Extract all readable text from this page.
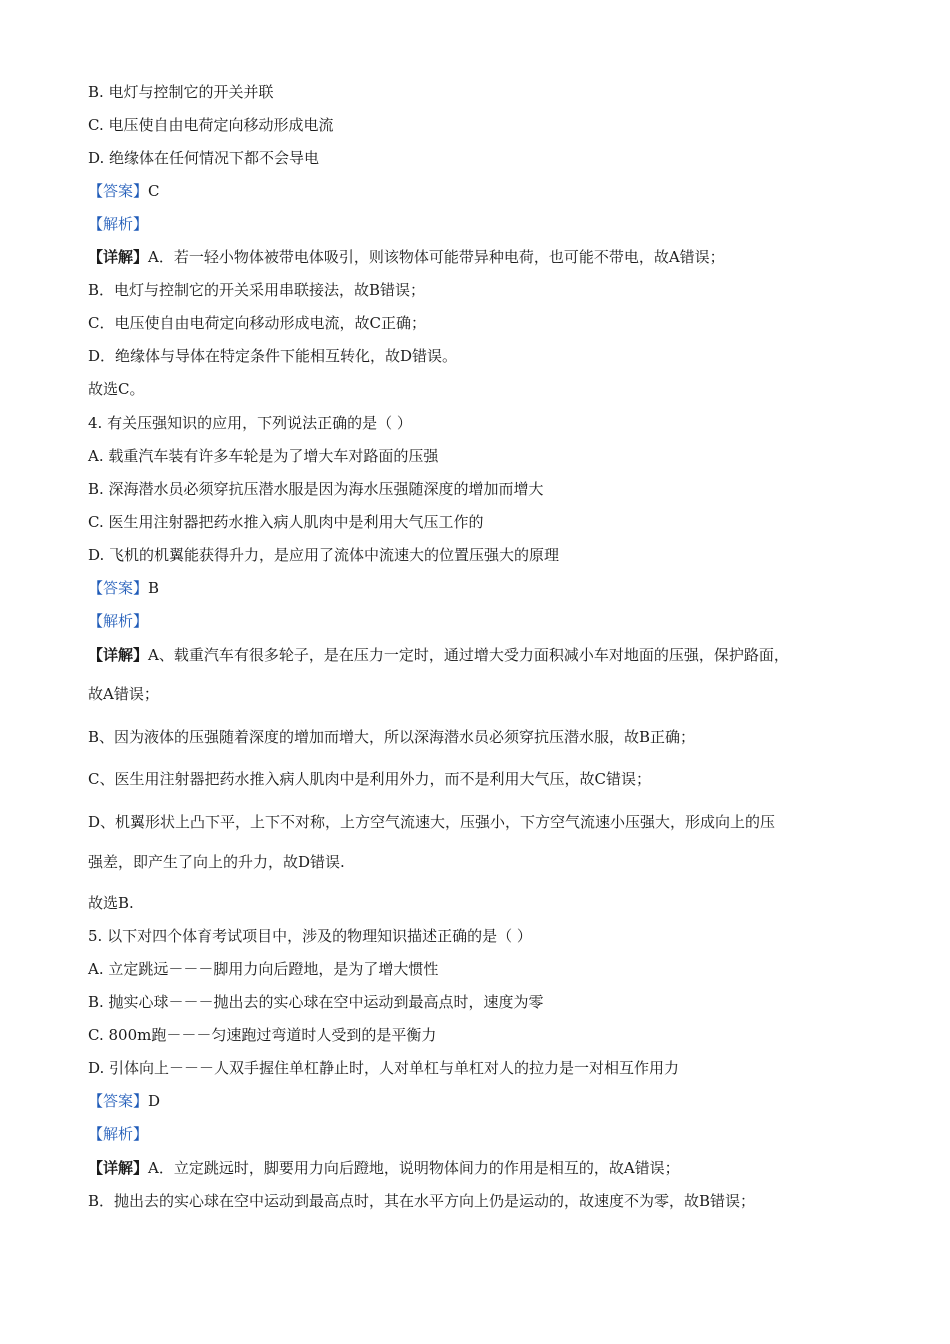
B. 电灯与控制它的开关并联
C. 电压使自由电荷定向移动形成电流
D. 绝缘体在任何情况下都不会导电
【答案】C
【解析】
【详解】A．若一轻小物体被带电体吸引，则该物体可能带异种电荷，也可能不带电，故A错误；
B．电灯与控制它的开关采用串联接法，故B错误；
C．电压使自由电荷定向移动形成电流，故C正确；
D．绝缘体与导体在特定条件下能相互转化，故D错误。
故选C。
4. 有关压强知识的应用，下列说法正确的是（ ）
A. 载重汽车装有许多车轮是为了增大车对路面的压强
B. 深海潜水员必须穿抗压潜水服是因为海水压强随深度的增加而增大
C. 医生用注射器把药水推入病人肌肉中是利用大气压工作的
D. 飞机的机翼能获得升力，是应用了流体中流速大的位置压强大的原理
【答案】B
【解析】
【详解】A、载重汽车有很多轮子，是在压力一定时，通过增大受力面积减小车对地面的压强，保护路面，
故A错误；
B、因为液体的压强随着深度的增加而增大，所以深海潜水员必须穿抗压潜水服，故B正确；
C、医生用注射器把药水推入病人肌肉中是利用外力，而不是利用大气压，故C错误；
D、机翼形状上凸下平，上下不对称，上方空气流速大，压强小，下方空气流速小压强大，形成向上的压
强差，即产生了向上的升力，故D错误.
故选B.
5. 以下对四个体育考试项目中，涉及的物理知识描述正确的是（ ）
A. 立定跳远－－－脚用力向后蹬地，是为了增大惯性
B. 抛实心球－－－抛出去的实心球在空中运动到最高点时，速度为零
C. 800m跑－－－匀速跑过弯道时人受到的是平衡力
D. 引体向上－－－人双手握住单杠静止时，人对单杠与单杠对人的拉力是一对相互作用力
【答案】D
【解析】
【详解】A．立定跳远时，脚要用力向后蹬地，说明物体间力的作用是相互的，故A错误；
B．抛出去的实心球在空中运动到最高点时，其在水平方向上仍是运动的，故速度不为零，故B错误；
